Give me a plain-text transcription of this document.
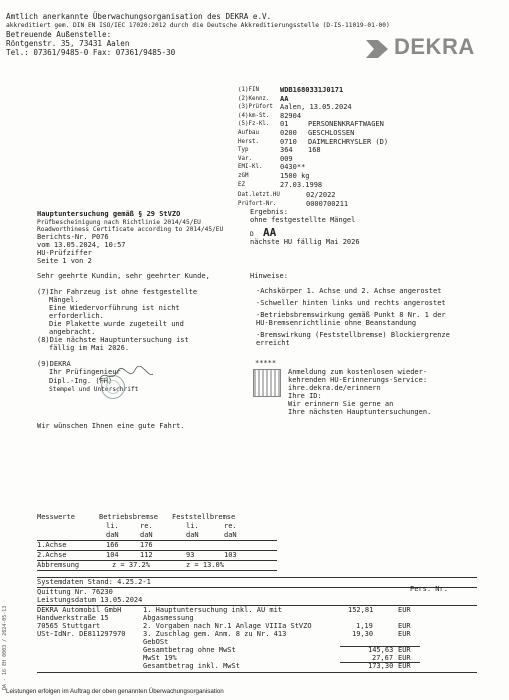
Amtlich anerkannte Überwachungsorganisation des DEKRA e.V.
akkreditiert gem. DIN EN ISO/IEC 17020:2012 durch die Deutsche Akkreditierungsstelle (D-IS-11019-01-00)
Betreuende Außenstelle:
Röntgenstr. 35, 73431 Aalen
Tel.: 07361/9485-0 Fax: 07361/9485-30	DEKRA
(1)FIN	WDB1680331J0171
(2)Kennz.	AA
(3)Prüfort	Aalen, 13.05.2024
(4)km-St.	82904
(5)Fz-Kl.	01	PERSONENKRAFTWAGEN
Aufbau	0200	GESCHLOSSEN
Herst.	0710	DAIMLERCHRYSLER (D)
Typ	364	168
Var.	009
EMI-Kl.	0430**
zGM	1500 kg
EZ	27.03.1998
Dat.letzt.HU	02/2022
Prüfort-Nr.	0000700211
Hauptuntersuchung gemäß § 29 StVZO
Prüfbescheinigung nach Richtlinie 2014/45/EU
Roadworthiness Certificate according to 2014/45/EU
Berichts-Nr. P076
vom 13.05.2024, 10:57
HU-Prüfziffer
Seite 1 von 2
Ergebnis:
ohne festgestellte Mängel
D AA
nächste HU fällig Mai 2026
Sehr geehrte Kundin, sehr geehrter Kunde,	Hinweise:
(7)Ihr Fahrzeug ist ohne festgestellte
Mängel.
Eine Wiedervorführung ist nicht
erforderlich.
Die Plakette wurde zugeteilt und
angebracht.
(8)Die nächste Hauptuntersuchung ist
fällig im Mai 2026.
(9)DEKRA
Ihr Prüfingenieur
Dipl.-Ing. (FH)
Stempel und Unterschrift
Wir wünschen Ihnen eine gute Fahrt.
-Achskörper 1. Achse und 2. Achse angerostet
-Schweller hinten links und rechts angerostet
-Betriebsbremswirkung gemäß Punkt 8 Nr. 1 der
HU-Bremsenrichtlinie ohne Beanstandung
-Bremswirkung (Feststellbremse) Blockiergrenze
erreicht
*****
Anmeldung zum kostenlosen wieder-
kehrenden HU-Erinnerungs-Service:
ihre.dekra.de/erinnern
Ihre ID:
Wir erinnern Sie gerne an
Ihre nächsten Hauptuntersuchungen.
Messwerte	Betriebsbremse Feststellbremse
li.	re.	li.	re.
daN	daN	daN	daN
1.Achse	166	176
2.Achse	104	112	93	103
Abbremsung	z = 37.2%	z = 13.0%
Systemdaten Stand: 4.25.2-1
Quittung Nr. 76230	Pers. Nr.
Leistungsdatum 13.05.2024
DEKRA Automobil GmbH
Handwerkstraße 15
70565 Stuttgart
USt-IdNr. DE811297970
1. Hauptuntersuchung inkl. AU mit	152,81	EUR
Abgasmessung
2. Vorgaben nach Nr.1 Anlage VIIIa StVZO	1,19	EUR
3. Zuschlag gem. Anm. 8 zu Nr. 413	19,30	EUR
GebOSt
Gesamtbetrag ohne MwSt	145,63 EUR
MwSt 19%	27,67 EUR
Gesamtbetrag inkl. MwSt	173,30 EUR
Leistungen erfolgen im Auftrag der oben genannten Überwachungsorganisation
DA - 16 EH 0003 / 2024-05-13
